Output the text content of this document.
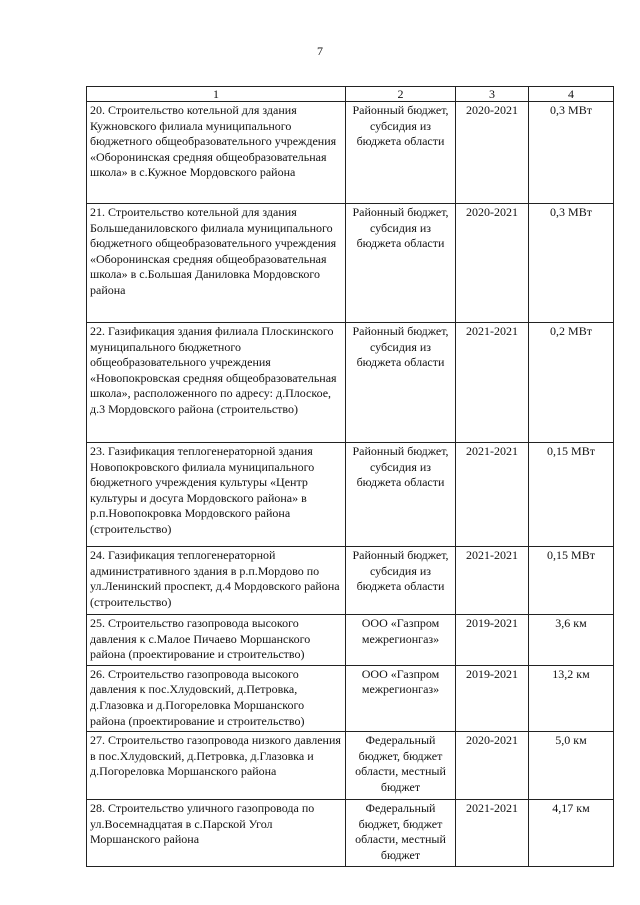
7
1	2	3	4
20. Строительство котельной для здания Кужновского филиала муниципального бюджетного общеобразовательного учреждения «Оборонинская средняя общеобразовательная школа» в с.Кужное Мордовского района	Районный бюджет, субсидия из бюджета области	2020-2021	0,3 МВт
21. Строительство котельной для здания Большеданиловского филиала муниципального бюджетного общеобразовательного учреждения «Оборонинская средняя общеобразовательная школа» в с.Большая Даниловка Мордовского района	Районный бюджет, субсидия из бюджета области	2020-2021	0,3 МВт
22. Газификация здания филиала Плоскинского муниципального бюджетного общеобразовательного учреждения «Новопокровская средняя общеобразовательная школа», расположенного по адресу: д.Плоское, д.3 Мордовского района (строительство)	Районный бюджет, субсидия из бюджета области	2021-2021	0,2 МВт
23. Газификация теплогенераторной здания Новопокровского филиала муниципального бюджетного учреждения культуры «Центр культуры и досуга Мордовского района» в р.п.Новопокровка Мордовского района (строительство)	Районный бюджет, субсидия из бюджета области	2021-2021	0,15 МВт
24. Газификация теплогенераторной административного здания в р.п.Мордово по ул.Ленинский проспект, д.4 Мордовского района (строительство)	Районный бюджет, субсидия из бюджета области	2021-2021	0,15 МВт
25. Строительство газопровода высокого давления к с.Малое Пичаево Моршанского района (проектирование и строительство)	ООО «Газпром межрегионгаз»	2019-2021	3,6 км
26. Строительство газопровода высокого давления к пос.Хлудовский, д.Петровка, д.Глазовка и д.Погореловка Моршанского района (проектирование и строительство)	ООО «Газпром межрегионгаз»	2019-2021	13,2 км
27. Строительство газопровода низкого давления в пос.Хлудовский, д.Петровка, д.Глазовка и д.Погореловка Моршанского района	Федеральный бюджет, бюджет области, местный бюджет	2020-2021	5,0 км
28. Строительство уличного газопровода по ул.Восемнадцатая в с.Парской Угол Моршанского района	Федеральный бюджет, бюджет области, местный бюджет	2021-2021	4,17 км
